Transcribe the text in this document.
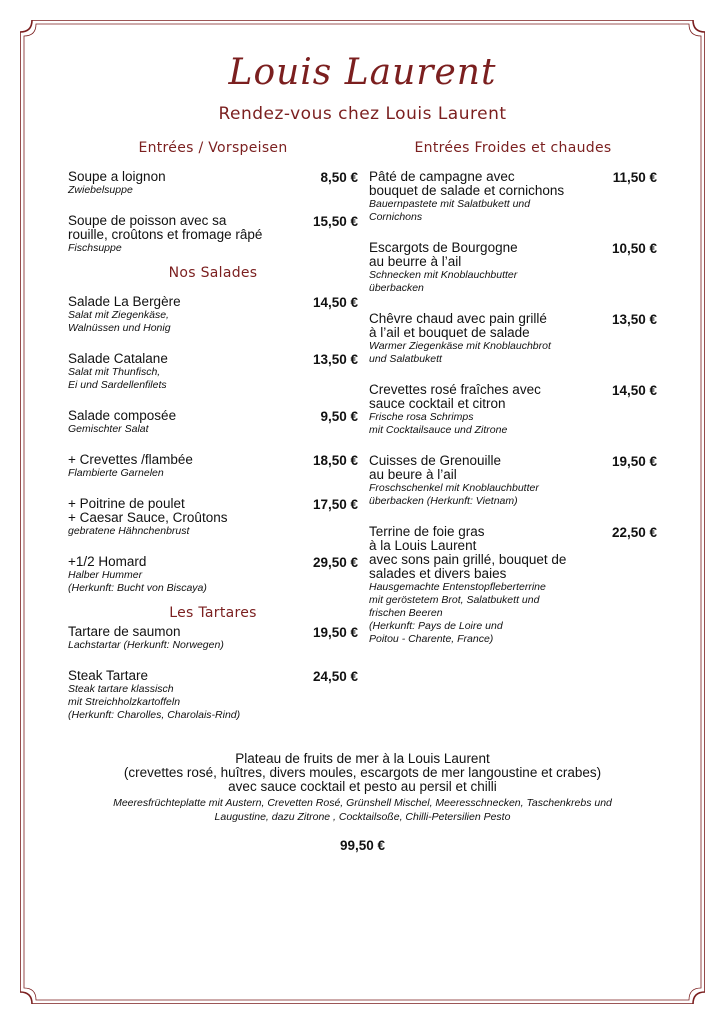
Louis Laurent
Rendez-vous chez Louis Laurent
Entrées / Vorspeisen
Soupe a loignon	8,50 €
Zwiebelsuppe
Soupe de poisson avec sa
rouille, croûtons et fromage râpé
15,50 €
Fischsuppe
Nos Salades
Salade La Bergère	14,50 €
Salat mit Ziegenkäse,
Walnüssen und Honig
Salade Catalane	13,50 €
Salat mit Thunfisch,
Ei und Sardellenfilets
Salade composée	9,50 €
Gemischter Salat
+ Crevettes /flambée	18,50 €
Flambierte Garnelen
+ Poitrine de poulet
+ Caesar Sauce, Croûtons
17,50 €
gebratene Hähnchenbrust
+1/2 Homard	29,50 €
Halber Hummer
(Herkunft: Bucht von Biscaya)
Les Tartares
Tartare de saumon	19,50 €
Lachstartar (Herkunft: Norwegen)
Steak Tartare	24,50 €
Steak tartare klassisch
mit Streichholzkartoffeln
(Herkunft: Charolles, Charolais-Rind)
Entrées Froides et chaudes
Pâté de campagne avec
bouquet de salade et cornichons
11,50 €
Bauernpastete mit Salatbukett und
Cornichons
Escargots de Bourgogne
au beurre à l’ail
10,50 €
Schnecken mit Knoblauchbutter
überbacken
Chêvre chaud avec pain grillé
à l’ail et bouquet de salade
13,50 €
Warmer Ziegenkäse mit Knoblauchbrot
und Salatbukett
Crevettes rosé fraîches avec
sauce cocktail et citron
14,50 €
Frische rosa Schrimps
mit Cocktailsauce und Zitrone
Cuisses de Grenouille
au beure à l’ail
19,50 €
Froschschenkel mit Knoblauchbutter
überbacken (Herkunft: Vietnam)
Terrine de foie gras
à la Louis Laurent
avec sons pain grillé, bouquet de
salades et divers baies
22,50 €
Hausgemachte Entenstopfleberterrine
mit geröstetem Brot, Salatbukett und
frischen Beeren
(Herkunft: Pays de Loire und
Poitou - Charente, France)
Plateau de fruits de mer à la Louis Laurent
(crevettes rosé, huîtres, divers moules, escargots de mer langoustine et crabes)
avec sauce cocktail et pesto au persil et chilli
Meeresfrüchteplatte mit Austern, Crevetten Rosé, Grünshell Mischel, Meeresschnecken, Taschenkrebs und
Laugustine, dazu Zitrone , Cocktailsoße, Chilli-Petersilien Pesto
99,50 €
